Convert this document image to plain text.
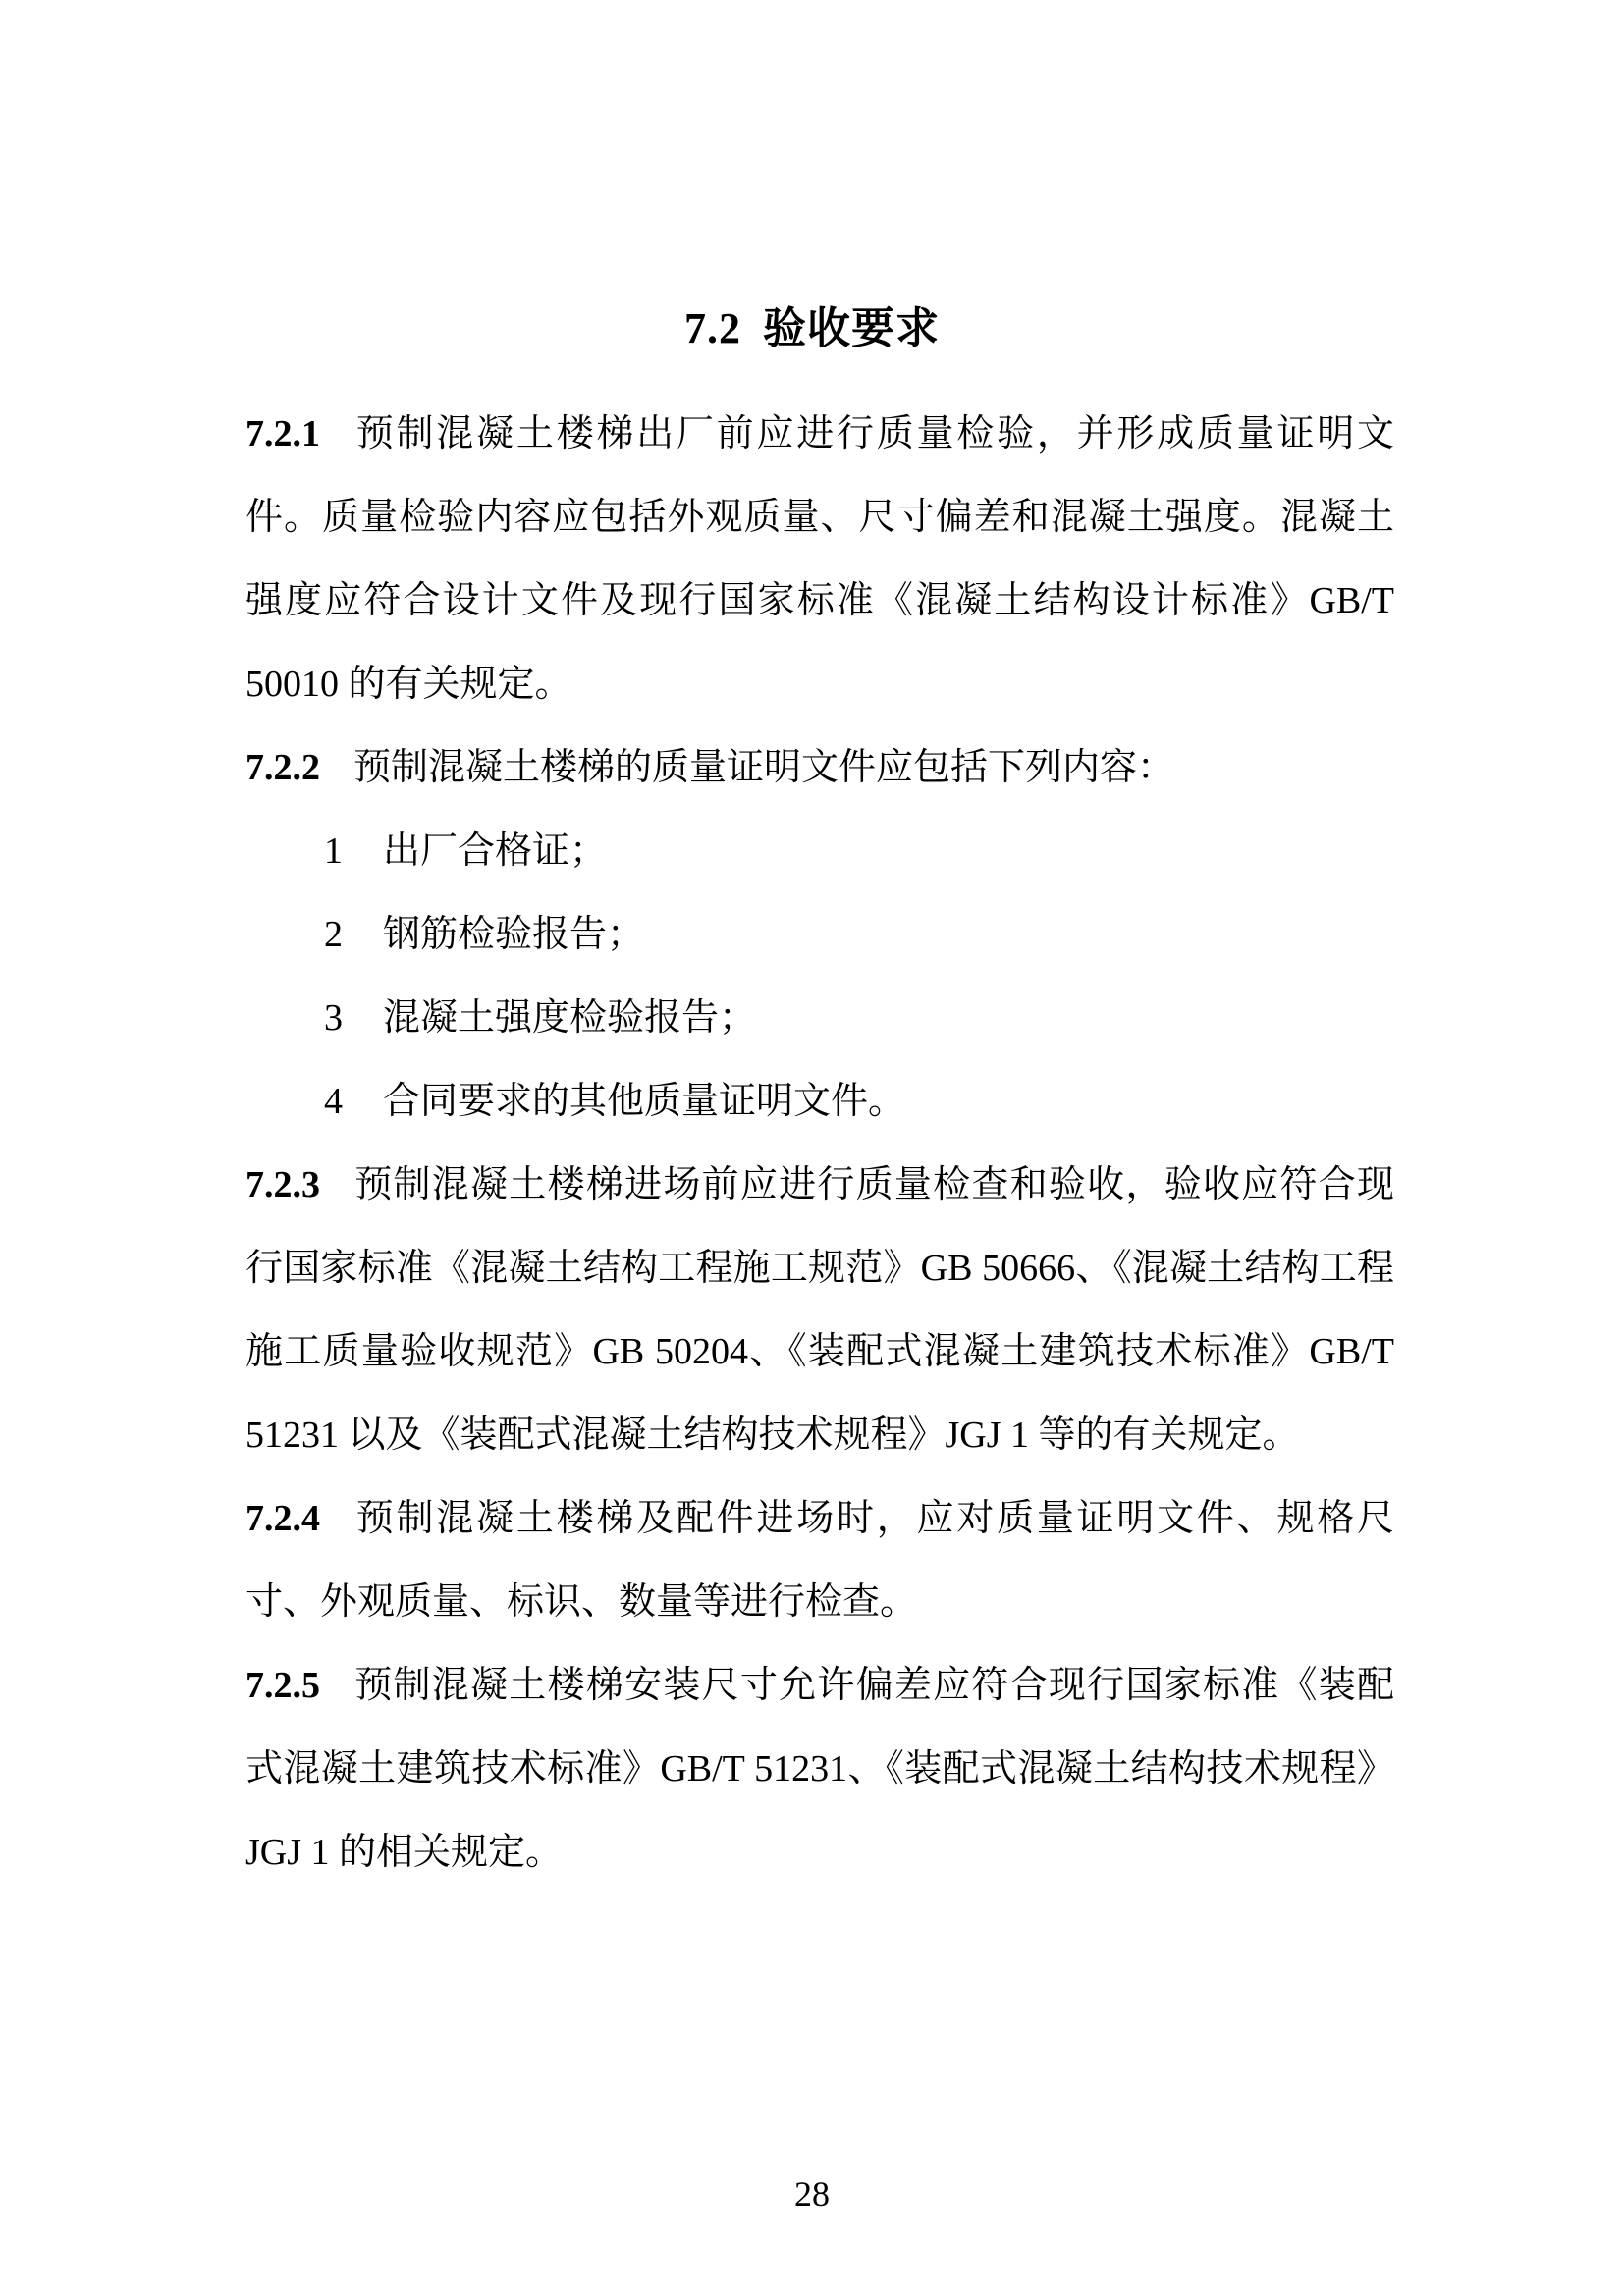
7.2 验收要求

7.2.1 预制混凝土楼梯出厂前应进行质量检验，并形成质量证明文件。质量检验内容应包括外观质量、尺寸偏差和混凝土强度。混凝土强度应符合设计文件及现行国家标准《混凝土结构设计标准》GB/T 50010 的有关规定。

7.2.2 预制混凝土楼梯的质量证明文件应包括下列内容：

1 出厂合格证；

2 钢筋检验报告；

3 混凝土强度检验报告；

4 合同要求的其他质量证明文件。

7.2.3 预制混凝土楼梯进场前应进行质量检查和验收，验收应符合现行国家标准《混凝土结构工程施工规范》GB 50666、《混凝土结构工程施工质量验收规范》GB 50204、《装配式混凝土建筑技术标准》GB/T 51231 以及《装配式混凝土结构技术规程》JGJ 1 等的有关规定。

7.2.4 预制混凝土楼梯及配件进场时，应对质量证明文件、规格尺寸、外观质量、标识、数量等进行检查。

7.2.5 预制混凝土楼梯安装尺寸允许偏差应符合现行国家标准《装配式混凝土建筑技术标准》GB/T 51231、《装配式混凝土结构技术规程》JGJ 1 的相关规定。

28
